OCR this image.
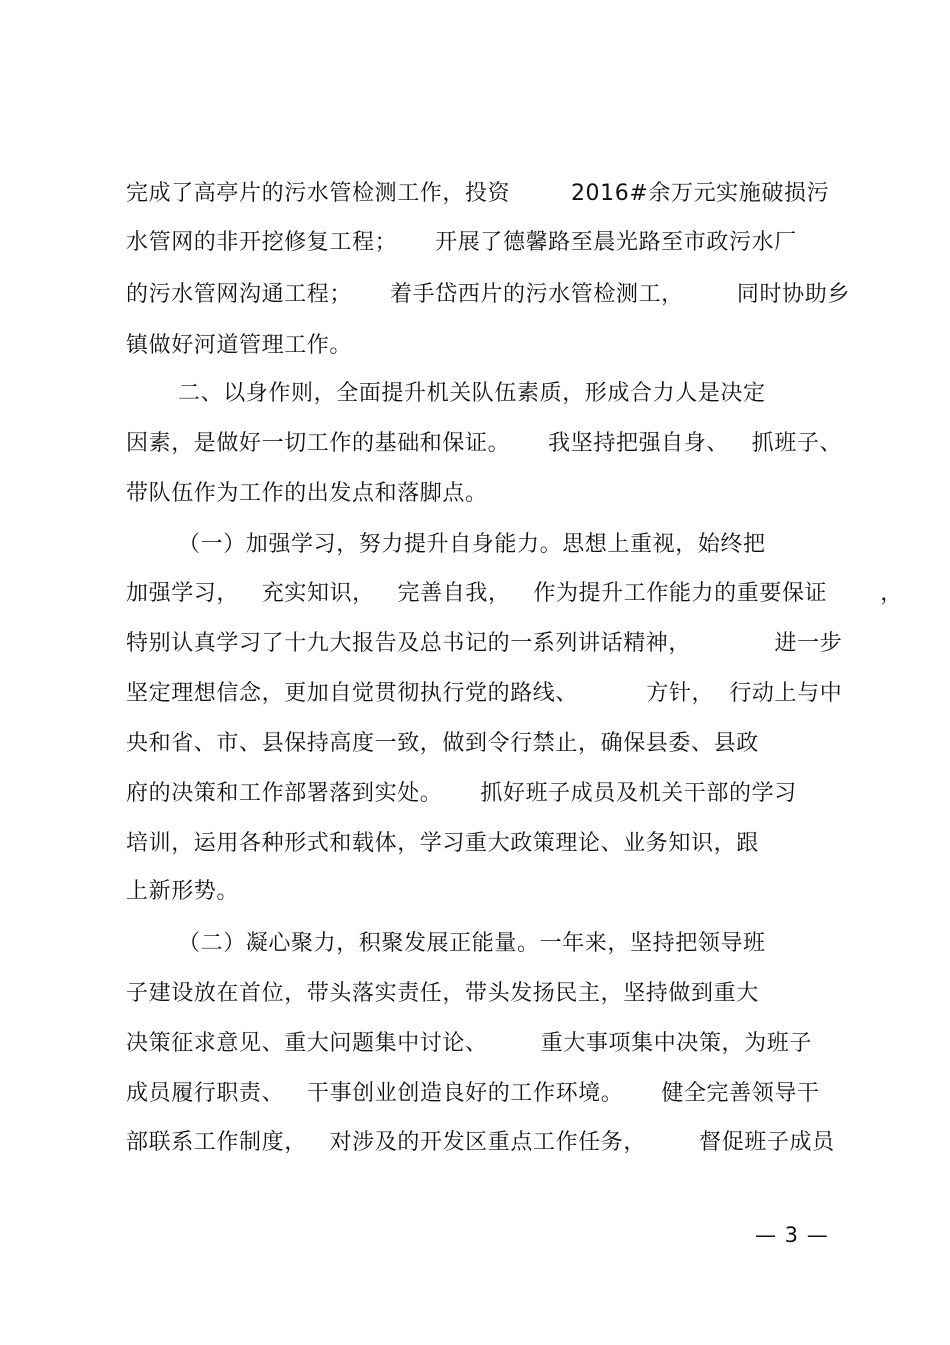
完成了高亭片的污水管检测工作，投资        2016#余万元实施破损污
水管网的非开挖修复工程；     开展了德馨路至晨光路至市政污水厂
的污水管网沟通工程；     着手岱西片的污水管检测工，       同时协助乡
镇做好河道管理工作。
二、以身作则，全面提升机关队伍素质，形成合力人是决定
因素，是做好一切工作的基础和保证。     我坚持把强自身、   抓班子、
带队伍作为工作的出发点和落脚点。
（一）加强学习，努力提升自身能力。思想上重视，始终把
加强学习，   充实知识，   完善自我，   作为提升工作能力的重要保证       ，
特别认真学习了十九大报告及总书记的一系列讲话精神，           进一步
坚定理想信念，更加自觉贯彻执行党的路线、         方针，  行动上与中
央和省、市、县保持高度一致，做到令行禁止，确保县委、县政
府的决策和工作部署落到实处。     抓好班子成员及机关干部的学习
培训，运用各种形式和载体，学习重大政策理论、业务知识，跟
上新形势。
（二）凝心聚力，积聚发展正能量。一年来，坚持把领导班
子建设放在首位，带头落实责任，带头发扬民主，坚持做到重大
决策征求意见、重大问题集中讨论、       重大事项集中决策，为班子
成员履行职责、   干事创业创造良好的工作环境。     健全完善领导干
部联系工作制度，   对涉及的开发区重点工作任务，       督促班子成员
— 3 —
